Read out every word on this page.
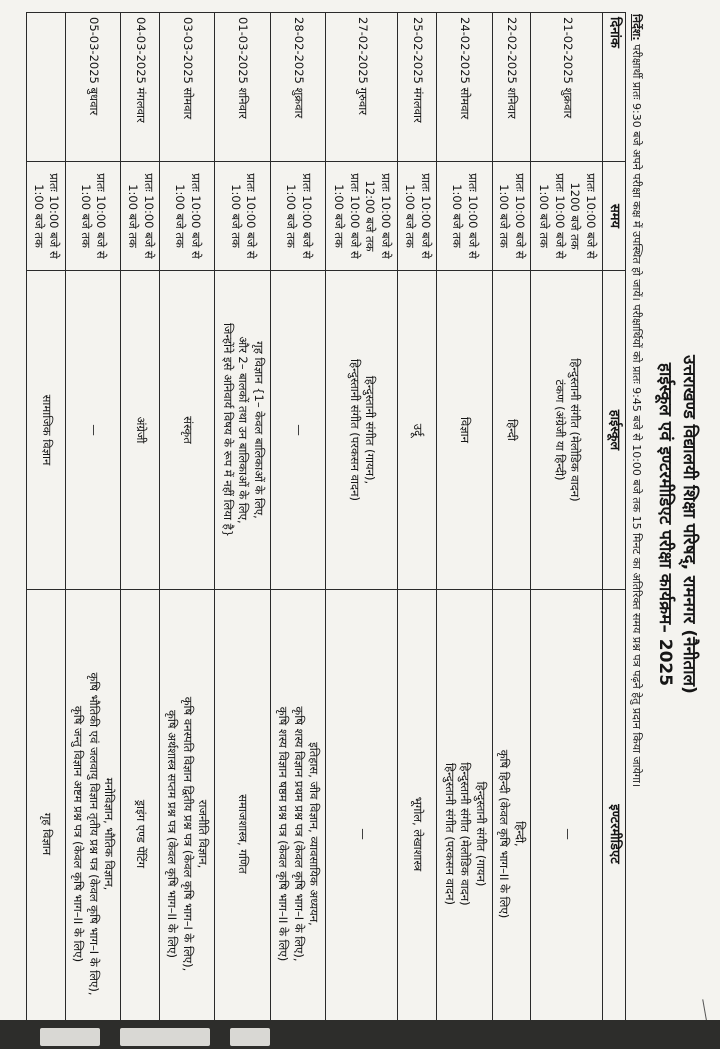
उत्तराखण्ड विद्यालयी शिक्षा परिषद्, रामनगर (नैनीताल)
हाईस्कूल एवं इण्टरमीडिएट परीक्षा कार्यक्रम– 2025
निर्देश: परीक्षार्थी प्रातः 9:30 बजे अपने परीक्षा कक्ष में उपस्थित हो जायें। परीक्षार्थियों को प्रातः 9:45 बजे से 10:00 बजे तक 15 मिनट का अतिरिक्त समय प्रश्न पत्र पढ़ने हेतु प्रदान किया जायेगा।
दिनांक	समय	हाईस्कूल	इण्टरमीडिएट
21-02-2025 शुक्रवार	प्रातः 10:00 बजे से
1200 बजे तक
प्रातः 10:00 बजे से
1:00 बजे तक	हिन्दुस्तानी संगीत (मेलोडिक वादन)
टंकण (अंग्रेजी या हिन्दी)	—
22-02-2025 शनिवार	प्रातः 10:00 बजे से
1:00 बजे तक	हिन्दी	हिन्दी,
कृषि हिन्दी (केवल कृषि भाग–II के लिए)
24-02-2025 सोमवार	प्रातः 10:00 बजे से
1:00 बजे तक	विज्ञान	हिन्दुस्तानी संगीत (गायन)
हिन्दुस्तानी संगीत (मेलोडिक वादन)
हिन्दुस्तानी संगीत (परकसन वादन)
25-02-2025 मंगलवार	प्रातः 10:00 बजे से
1:00 बजे तक	उर्दू	भूगोल, लेखाशास्त्र
27-02-2025 गुरुवार	प्रातः 10:00 बजे से
12:00 बजे तक
प्रातः 10:00 बजे से
1:00 बजे तक	हिन्दुस्तानी संगीत (गायन),
हिन्दुस्तानी संगीत (परकसन वादन)	—
28-02-2025 शुक्रवार	प्रातः 10:00 बजे से
1:00 बजे तक	—	इतिहास, जीव विज्ञान, व्यावसायिक अध्ययन,
कृषि शस्य विज्ञान प्रथम प्रश्न पत्र (केवल कृषि भाग–I के लिए),
कृषि शस्य विज्ञान षष्ठम प्रश्न पत्र (केवल कृषि भाग–II के लिए)
01-03-2025 शनिवार	प्रातः 10:00 बजे से
1:00 बजे तक	गृह विज्ञान {1– केवल बालिकाओं के लिए,
और 2– बालकों तथा उन बालिकाओं के लिए,
जिन्होंने इसे अनिवार्य विषय के रूप में नहीं लिया है}	समाजशास्त्र, गणित
03-03-2025 सोमवार	प्रातः 10:00 बजे से
1:00 बजे तक	संस्कृत	राजनीति विज्ञान,
कृषि वनस्पति विज्ञान द्वितीय प्रश्न पत्र (केवल कृषि भाग–I के लिए),
कृषि अर्थशास्त्र सप्तम प्रश्न पत्र (केवल कृषि भाग–II के लिए)
04-03-2025 मंगलवार	प्रातः 10:00 बजे से
1:00 बजे तक	अंग्रेजी	ड्राइंग एण्ड पेंटिंग
05-03-2025 बुधवार	प्रातः 10:00 बजे से
1:00 बजे तक	—	मनोविज्ञान, भौतिक विज्ञान,
कृषि भौतिकी एवं जलवायु विज्ञान तृतीय प्रश्न पत्र (केवल कृषि भाग–I के लिए),
कृषि जन्तु विज्ञान अष्टम प्रश्न पत्र (केवल कृषि भाग–II के लिए)
	प्रातः 10:00 बजे से
1:00 बजे तक	सामाजिक विज्ञान	गृह विज्ञान
